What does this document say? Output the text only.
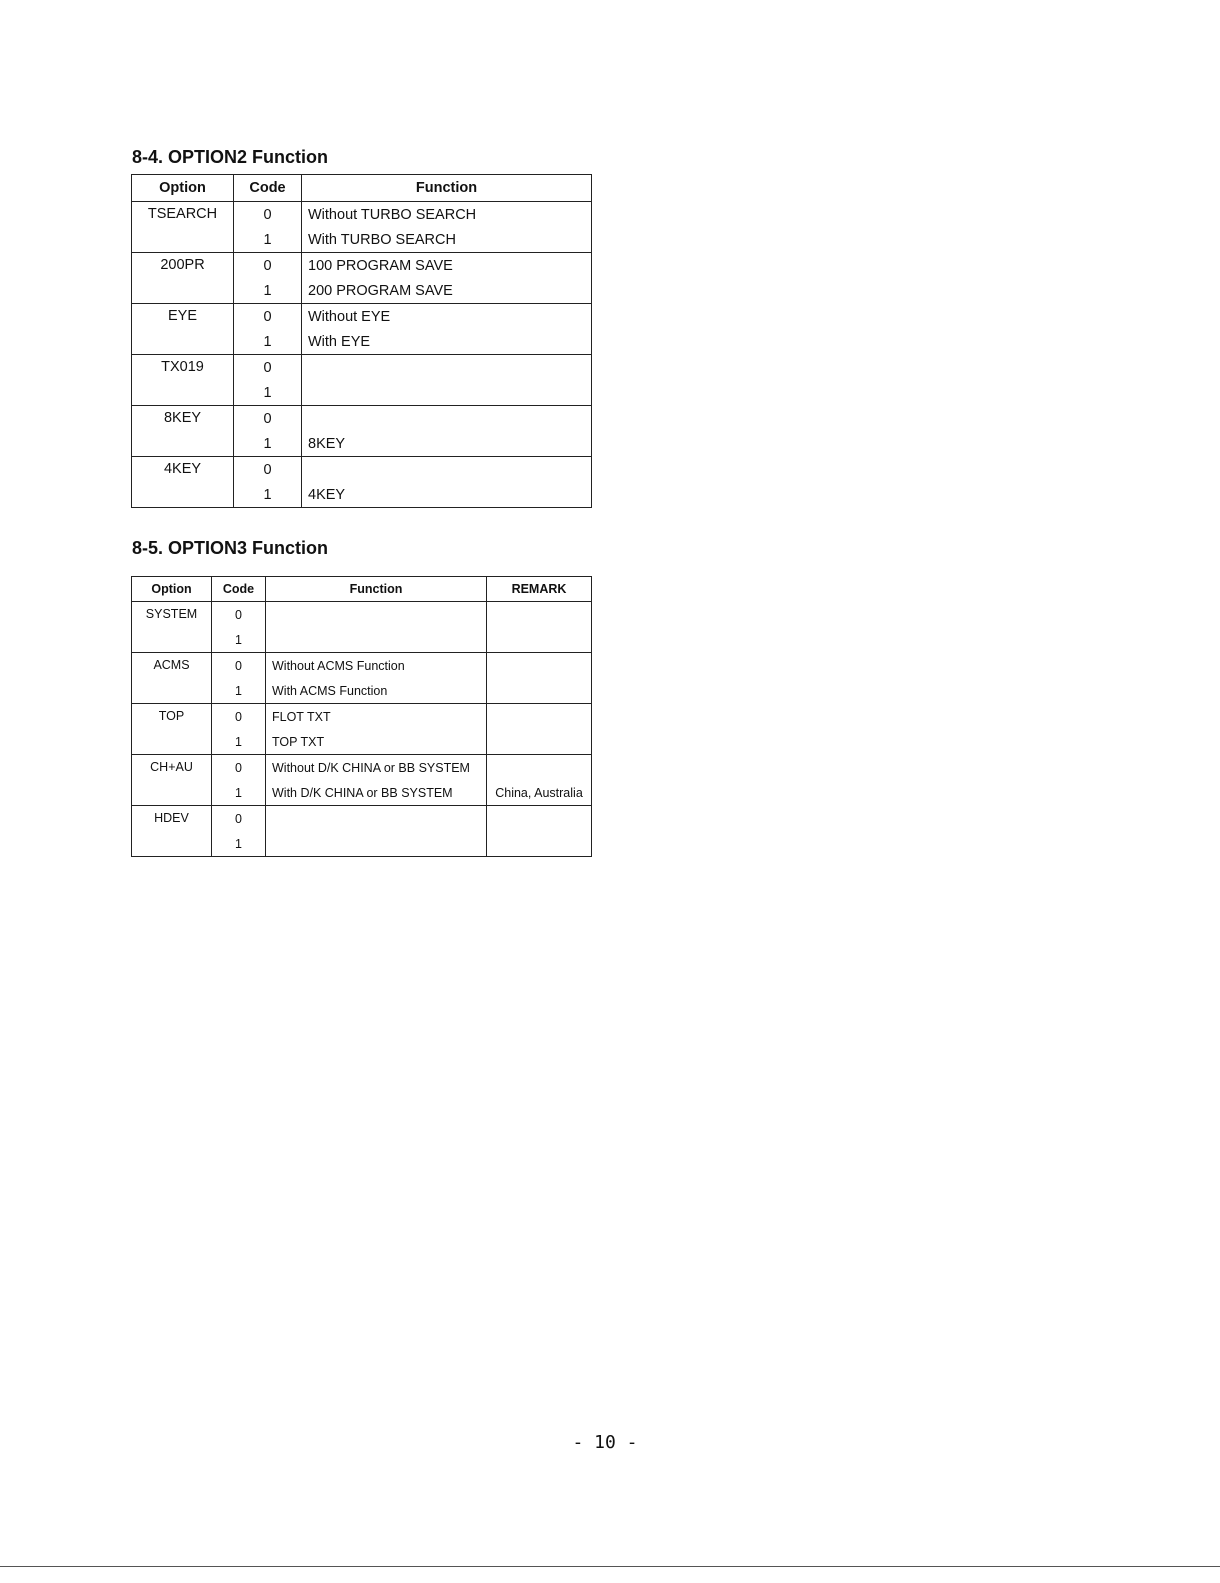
8-4. OPTION2 Function
Option	Code	Function
TSEARCH	0	Without TURBO SEARCH
	1	With TURBO SEARCH
200PR	0	100 PROGRAM SAVE
	1	200 PROGRAM SAVE
EYE	0	Without EYE
	1	With EYE
TX019	0	
	1	
8KEY	0	
	1	8KEY
4KEY	0	
	1	4KEY
8-5. OPTION3 Function
Option	Code	Function	REMARK
SYSTEM	0		
	1		
ACMS	0	Without ACMS Function	
	1	With ACMS Function	
TOP	0	FLOT TXT	
	1	TOP TXT	
CH+AU	0	Without D/K CHINA or BB SYSTEM	
	1	With D/K CHINA or BB SYSTEM	China, Australia
HDEV	0		
	1		
- 10 -
